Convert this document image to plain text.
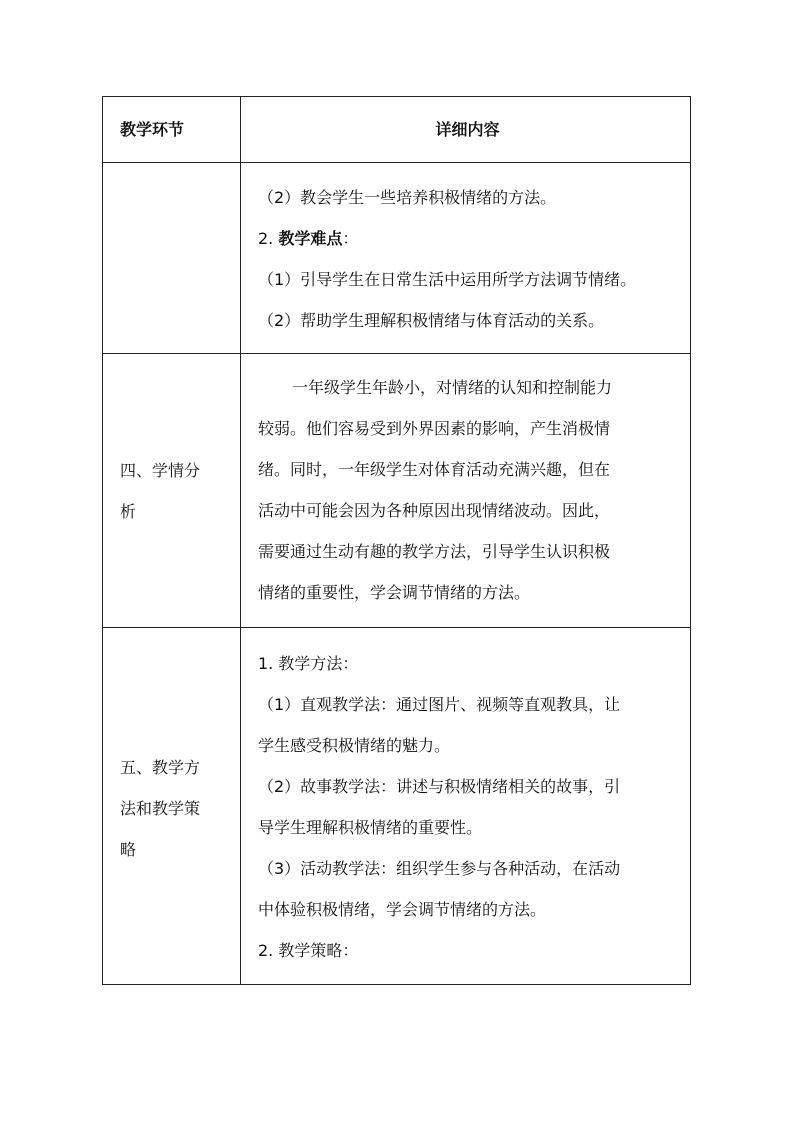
教学环节	详细内容
（2）教会学生一些培养积极情绪的方法。
2. 教学难点：
（1）引导学生在日常生活中运用所学方法调节情绪。
（2）帮助学生理解积极情绪与体育活动的关系。
四、学情分
析
一年级学生年龄小，对情绪的认知和控制能力
较弱。他们容易受到外界因素的影响，产生消极情
绪。同时，一年级学生对体育活动充满兴趣，但在
活动中可能会因为各种原因出现情绪波动。因此，
需要通过生动有趣的教学方法，引导学生认识积极
情绪的重要性，学会调节情绪的方法。
五、教学方
法和教学策
略
1. 教学方法：
（1）直观教学法：通过图片、视频等直观教具，让
学生感受积极情绪的魅力。
（2）故事教学法：讲述与积极情绪相关的故事，引
导学生理解积极情绪的重要性。
（3）活动教学法：组织学生参与各种活动，在活动
中体验积极情绪，学会调节情绪的方法。
2. 教学策略：
